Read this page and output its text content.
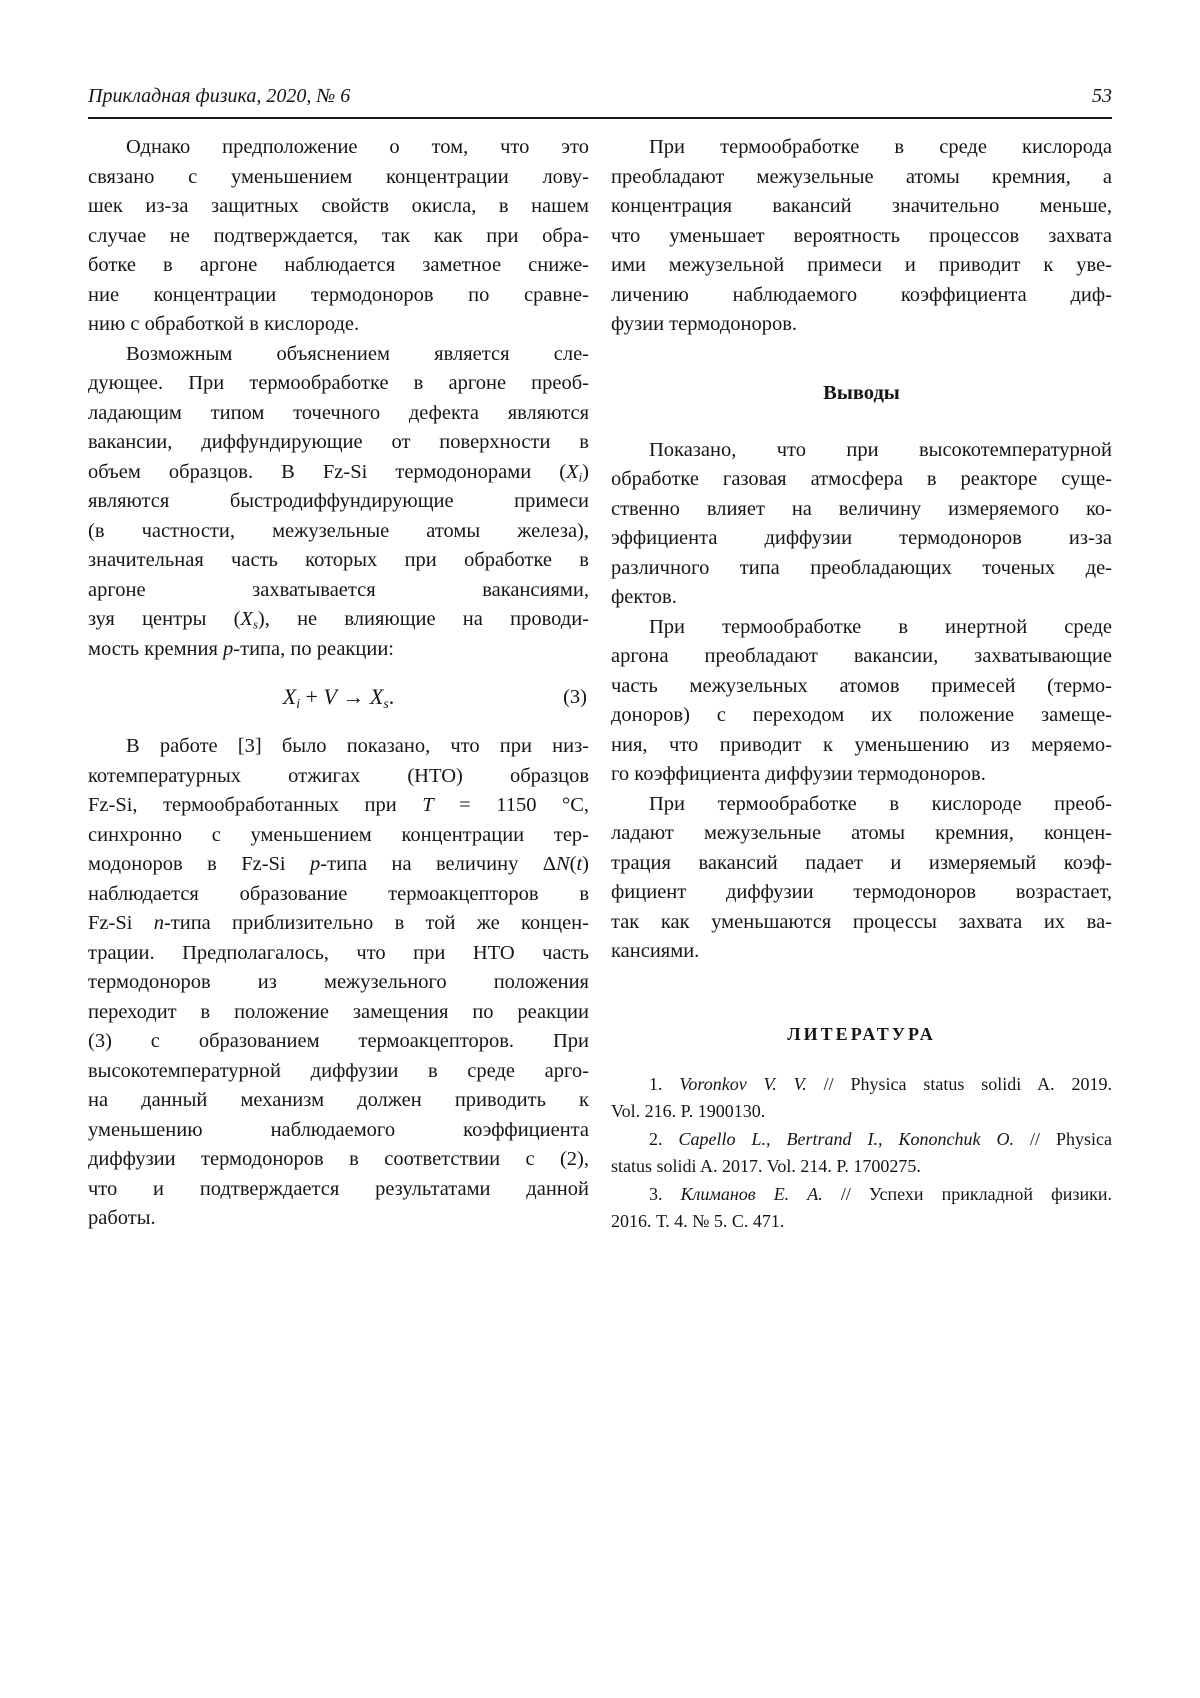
Прикладная физика, 2020, № 6	53
Однако предположение о том, что это
связано с уменьшением концентрации лову-
шек из-за защитных свойств окисла, в нашем
случае не подтверждается, так как при обра-
ботке в аргоне наблюдается заметное сниже-
ние концентрации термодоноров по сравне-
нию с обработкой в кислороде.
Возможным объяснением является сле-
дующее. При термообработке в аргоне преоб-
ладающим типом точечного дефекта являются
вакансии, диффундирующие от поверхности в
объем образцов. В Fz-Si термодонорами $(X_i)$
являются быстродиффундирующие примеси
(в частности, межузельные атомы железа),
значительная часть которых при обработке в
аргоне захватывается вакансиями,
зуя центры $(X_s)$, не влияющие на проводи-
мость кремния p-типа, по реакции:
$X_i + V \to X_s$.	(3)
В работе [3] было показано, что при низ-
котемпературных отжигах (НТО) образцов
Fz-Si, термообработанных при T = 1150 °С,
синхронно с уменьшением концентрации тер-
модоноров в Fz-Si p-типа на величину ΔN(t)
наблюдается образование термоакцепторов в
Fz-Si n-типа приблизительно в той же концен-
трации. Предполагалось, что при НТО часть
термодоноров из межузельного положения
переходит в положение замещения по реакции
(3) с образованием термоакцепторов. При
высокотемпературной диффузии в среде арго-
на данный механизм должен приводить к
уменьшению наблюдаемого коэффициента
диффузии термодоноров в соответствии с (2),
что и подтверждается результатами данной
работы.
При термообработке в среде кислорода
преобладают межузельные атомы кремния, а
концентрация вакансий значительно меньше,
что уменьшает вероятность процессов захвата
ими межузельной примеси и приводит к уве-
личению наблюдаемого коэффициента диф-
фузии термодоноров.
Выводы
Показано, что при высокотемпературной
обработке газовая атмосфера в реакторе суще-
ственно влияет на величину измеряемого ко-
эффициента диффузии термодоноров из-за
различного типа преобладающих точеных де-
фектов.
При термообработке в инертной среде
аргона преобладают вакансии, захватывающие
часть межузельных атомов примесей (термо-
доноров) с переходом их положение замеще-
ния, что приводит к уменьшению из меряемо-
го коэффициента диффузии термодоноров.
При термообработке в кислороде преоб-
ладают межузельные атомы кремния, концен-
трация вакансий падает и измеряемый коэф-
фициент диффузии термодоноров возрастает,
так как уменьшаются процессы захвата их ва-
кансиями.
ЛИТЕРАТУРА
1. Voronkov V. V. // Physica status solidi A. 2019.
Vol. 216. P. 1900130.
2. Capello L., Bertrand I., Kononchuk O. // Physica
status solidi A. 2017. Vol. 214. P. 1700275.
3. Климанов Е. А. // Успехи прикладной физики.
2016. Т. 4. № 5. С. 471.
